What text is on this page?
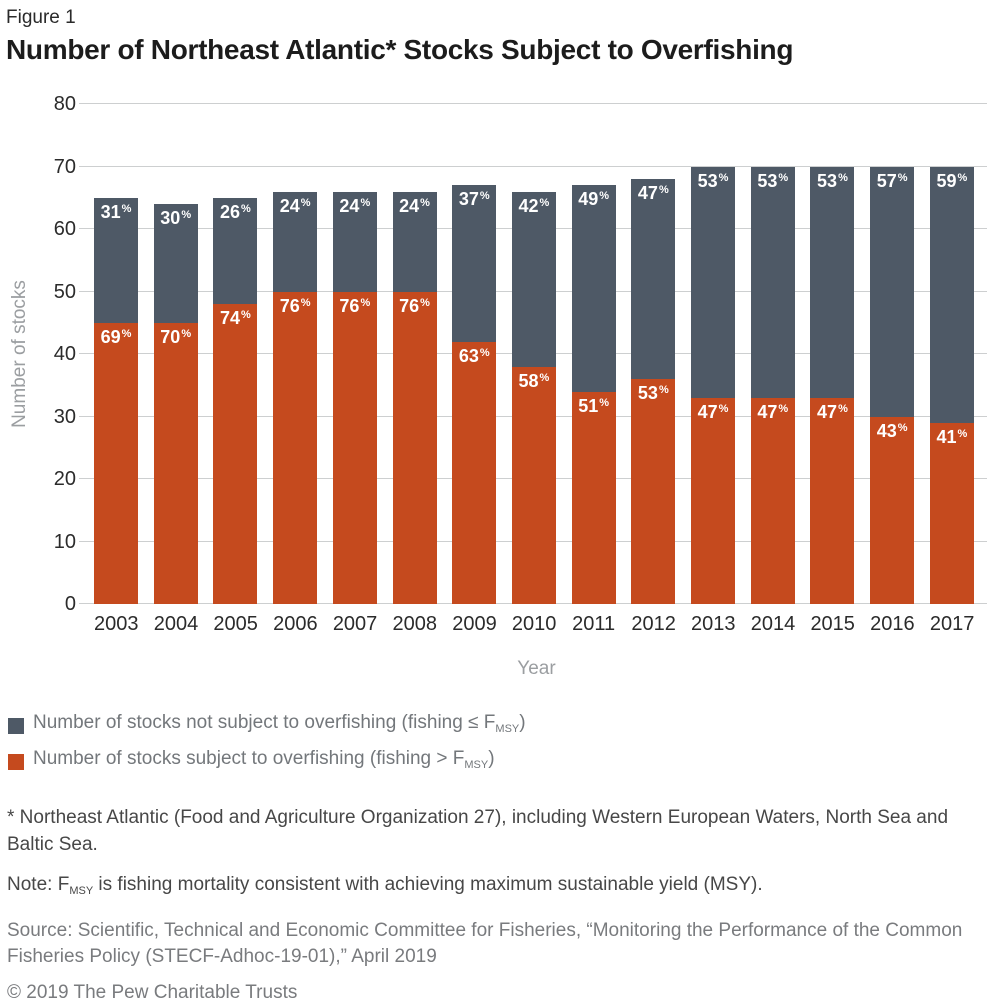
Figure 1
Number of Northeast Atlantic* Stocks Subject to Overfishing
Number of stocks
0
10
20
30
40
50
60
70
80
31%
69%
30%
70%
26%
74%
24%
76%
24%
76%
24%
76%
37%
63%
42%
58%
49%
51%
47%
53%
53%
47%
53%
47%
53%
47%
57%
43%
59%
41%
2003 2004 2005 2006 2007 2008 2009 2010 2011 2012 2013 2014 2015 2016 2017
Year
Number of stocks not subject to overfishing (fishing ≤ $F_{MSY}$)
Number of stocks subject to overfishing (fishing > $F_{MSY}$)

* Northeast Atlantic (Food and Agriculture Organization 27), including Western European Waters, North Sea and Baltic Sea.

Note: $F_{MSY}$ is fishing mortality consistent with achieving maximum sustainable yield (MSY).

Source: Scientific, Technical and Economic Committee for Fisheries, “Monitoring the Performance of the Common Fisheries Policy (STECF-Adhoc-19-01),” April 2019

© 2019 The Pew Charitable Trusts
